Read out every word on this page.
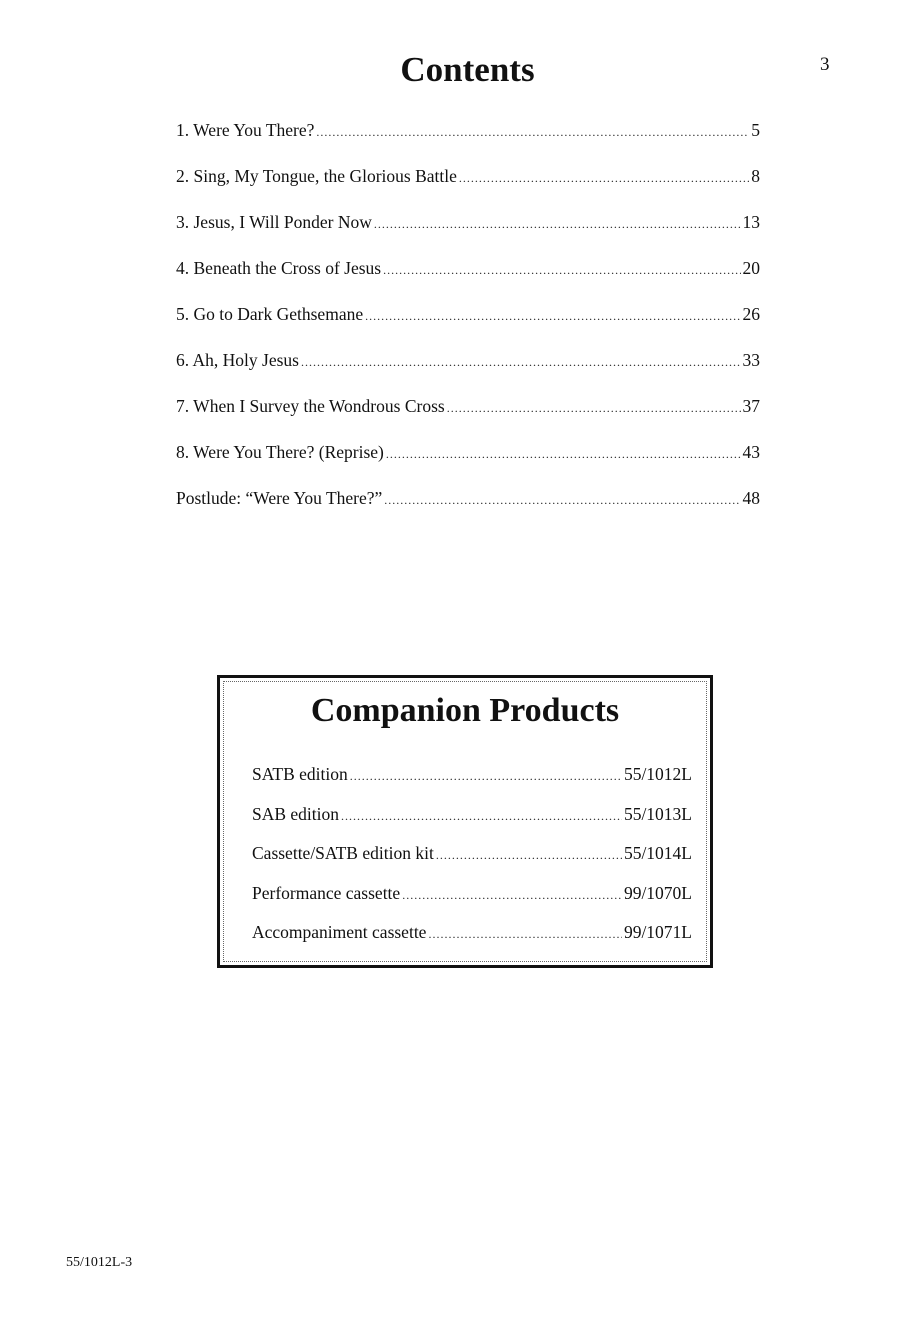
3
Contents
1. Were You There? .....	5
2. Sing, My Tongue, the Glorious Battle .....	8
3. Jesus, I Will Ponder Now .....	13
4. Beneath the Cross of Jesus .....	20
5. Go to Dark Gethsemane .....	26
6. Ah, Holy Jesus .....	33
7. When I Survey the Wondrous Cross .....	37
8. Were You There? (Reprise) .....	43
Postlude: “Were You There?” .....	48
Companion Products
SATB edition .....	55/1012L
SAB edition .....	55/1013L
Cassette/SATB edition kit .....	55/1014L
Performance cassette .....	99/1070L
Accompaniment cassette .....	99/1071L
55/1012L-3
